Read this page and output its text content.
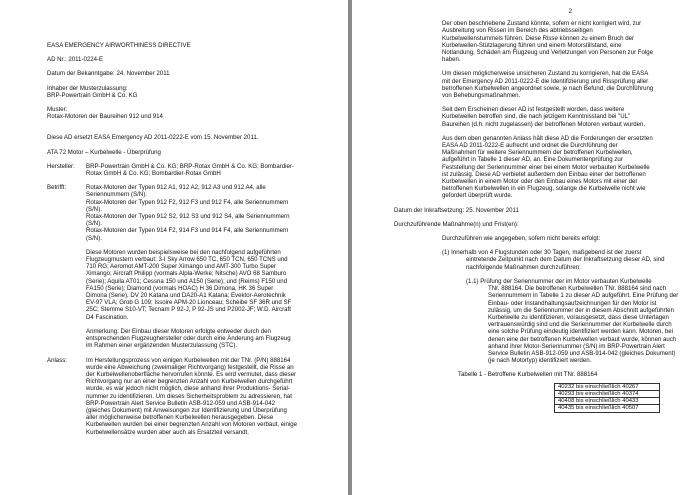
EASA EMERGENCY AIRWORTHINESS DIRECTIVE

AD Nr.: 2011-0224-E

Datum der Bekanntgabe: 24. November 2011

Inhaber der Musterzulassung:

BRP-Powertrain GmbH & Co. KG

Muster:

Rotax-Motoren der Baureihen 912 und 914

Diese AD ersetzt EASA Emergency AD 2011-0222-E vom 15. November 2011.

ATA 72 Motor – Kurbelwelle - Überprüfung

Hersteller:	BRP-Powertrain GmbH & Co. KG; BRP-Rotax GmbH & Co. KG; Bombardier-

Rotax GmbH & Co. KG; Bombardier-Rotax GmbH

Betrifft:	Rotax-Motoren der Typen 912 A1, 912 A2, 912 A3 und 912 A4, alle

Seriennummern (S/N).

Rotax-Motoren der Typen 912 F2, 912 F3 und 912 F4, alle Seriennummern

(S/N).

Rotax-Motoren der Typen 912 S2, 912 S3 und 912 S4, alle Seriennummern

(S/N).

Rotax-Motoren der Typen 914 F2, 914 F3 und 914 F4, alle Seriennummern

(S/N).

Diese Motoren wurden beispielsweise bei den nachfolgend aufgeführten

Flugzeugmustern verbaut: 3-I Sky Arrow 650 TC, 650 TCN, 650 TCNS und

710 RG; Aeromot AMT-200 Super Ximango und AMT-300 Turbo Super

Ximango; Aircraft Philipp (vormals Alpla-Werke; Nitsche) AVO 68 Samburo

(Serie); Aquila AT01; Cessna 150 und A150 (Serie); und (Reims) F150 und

FA150 (Serie); Diamond (vormals HOAC) H 36 Dimona, HK 36 Super

Dimona (Serie), DV 20 Katana und DA20-A1 Katana; Evektor-Aerotechnik

EV-97 VLA; Grob G 109; Issoire APM-20 Lionceau; Scheibe SF 36R und SF

25C; Stemme S10-VT; Tecnam P 92-J, P 92-JS und P2002-JF; W.D. Aircraft

D4 Fascination.

Anmerkung: Der Einbau dieser Motoren erfolgte entweder durch den

entsprechenden Flugzeughersteller oder durch eine Änderung am Flugzeug

im Rahmen einer ergänzenden Musterzulassung (STC).

Anlass:	Im Herstellungsprozess von einigen Kurbelwellen mit der TNr. (P/N) 888164

wurde eine Abweichung (zweimaliger Richtvorgang) festgestellt, die Risse an

der Kurbelwellenoberfläche hervorrufen könnte. Es wird vermutet, dass dieser

Richtvorgang nur an einer begrenzten Anzahl von Kurbelwellen durchgeführt

wurde, es war jedoch nicht möglich, diese anhand ihrer Produktions- Serial-

nummer zu identifizieren. Um dieses Sicherheitsproblem zu adressieren, hat

BRP-Powertrain Alert Service Bulletin ASB-912-059 und ASB-914-042

(gleiches Dokument) mit Anweisungen zur Identifizierung und Überprüfung

aller möglicherweise betroffenen Kurbelwellen herausgegeben. Diese

Kurbelwellen wurden bei einer begrenzten Anzahl von Motoren verbaut, einige

Kurbelwellensätze wurden aber auch als Ersatzteil versandt.

2

Der oben beschriebene Zustand könnte, sofern er nicht korrigiert wird, zur

Ausbreitung von Rissen im Bereich des abtriebsseitigen

Kurbelwellenstummels führen. Diese Risse können zu einem Bruch der

Kurbelwellen-Stützlagerung führen und einem Motorstillstand, eine

Notlandung, Schäden am Flugzeug und Verletzungen von Personen zur Folge

haben.

Um diesen möglicherweise unsicheren Zustand zu korrigieren, hat die EASA

mit der Emergency AD 2011-0222-E die Identifizierung und Rissprüfung aller

betroffenen Kurbelwellen angeordnet sowie, je nach Befund, die Durchführung

von Behebungsmaßnahmen.

Seit dem Erscheinen dieser AD ist festgestellt worden, dass weitere

Kurbelwellen betroffen sind, die nach jetzigem Kenntnisstand bei "UL"

Baureihen (d.h. nicht zugelassen) der betroffenen Motoren verbaut wurden.

Aus dem oben genannten Anlass hält diese AD die Forderungen der ersetzten

EASA AD 2011-0222-E aufrecht und ordnet die Durchführung der

Maßnahmen für weitere Seriennummern der betroffenen Kurbelwellen,

aufgeführt in Tabelle 1 dieser AD, an. Eine Dokumentenprüfung zur

Feststellung der Seriennummer einer bei einem Motor verbauten Kurbelwelle

ist zulässig. Diese AD verbietet außerdem den Einbau einer der betroffenen

Kurbelwellen in einem Motor oder den Einbau eines Motors mit einer der

betroffenen Kurbelwellen in ein Flugzeug, solange die Kurbelwelle nicht wie

gefordert überprüft wurde.

Datum der Inkraftsetzung: 25. November 2011

Durchzuführende Maßnahme(n) und Frist(en):

Durchzuführen wie angegeben, sofern nicht bereits erfolgt:

(1) Innerhalb von 4 Flugstunden oder 30 Tagen, maßgebend ist der zuerst

eintretende Zeitpunkt nach dem Datum der Inkraftsetzung dieser AD, sind

nachfolgende Maßnahmen durchzuführen:

(1.1) Prüfung der Seriennummer der im Motor verbauten Kurbelwelle

TNr. 888164. Die betroffenen Kurbelwellen TNr. 888164 sind nach

Seriennummern in Tabelle 1 zu dieser AD aufgeführt. Eine Prüfung der

Einbau- oder Instandhaltungsaufzeichnungen für den Motor ist

zulässig, um die Seriennummer der in diesem Abschnitt aufgeführten

Kurbelwelle zu identifizieren, vorausgesetzt, dass diese Unterlagen

vertrauenswürdig sind und die Seriennummer der Kurbelwelle durch

eine solche Prüfung eindeutig identifiziert werden kann. Motoren, bei

denen eine der betroffenen Kurbelwellen verbaut wurde, können auch

anhand ihrer Motor-Seriennummer (S/N) im BRP-Powertrain Alert

Service Bulletin ASB-912-059 und ASB-914-042 (gleiches Dokument)

(je nach Motortyp) identifiziert werden.

Tabelle 1 - Betroffene Kurbelwellen mit TNr. 888164

40232 bis einschließlich 40267
40293 bis einschließlich 40374
40408 bis einschließlich 40433
40435 bis einschließlich 40507
